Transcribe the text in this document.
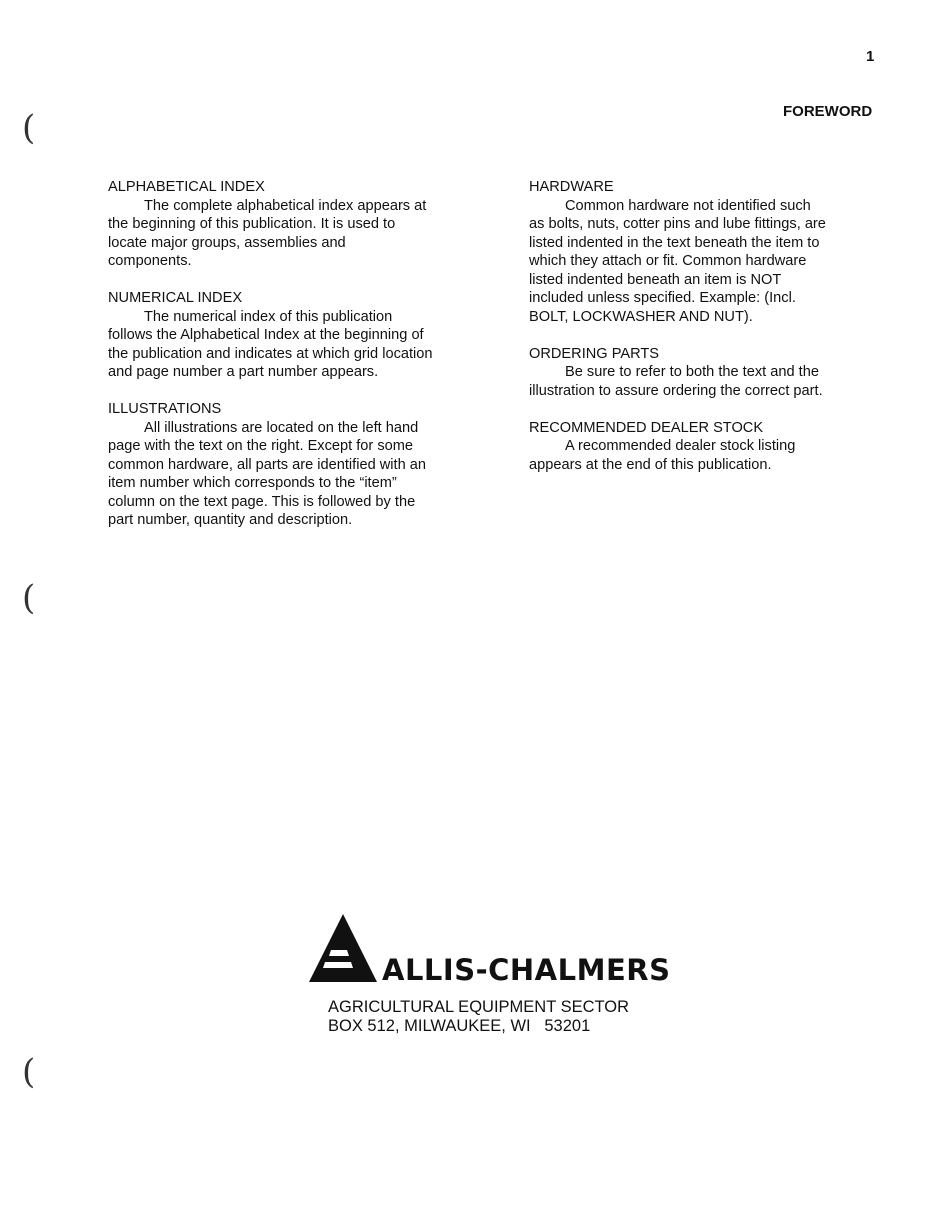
1
FOREWORD
(
(
(
ALPHABETICAL INDEX
The complete alphabetical index appears at the beginning of this publication. It is used to locate major groups, assemblies and components.
NUMERICAL INDEX
The numerical index of this publication follows the Alphabetical Index at the beginning of the publication and indicates at which grid location and page number a part number appears.
ILLUSTRATIONS
All illustrations are located on the left hand page with the text on the right. Except for some common hardware, all parts are identified with an item number which corresponds to the “item” column on the text page. This is followed by the part number, quantity and description.
HARDWARE
Common hardware not identified such as bolts, nuts, cotter pins and lube fittings, are listed indented in the text beneath the item to which they attach or fit. Common hardware listed indented beneath an item is NOT included unless specified. Example: (Incl. BOLT, LOCKWASHER AND NUT).
ORDERING PARTS
Be sure to refer to both the text and the illustration to assure ordering the correct part.
RECOMMENDED DEALER STOCK
A recommended dealer stock listing appears at the end of this publication.
ALLIS-CHALMERS
AGRICULTURAL EQUIPMENT SECTOR
BOX 512, MILWAUKEE, WI   53201
